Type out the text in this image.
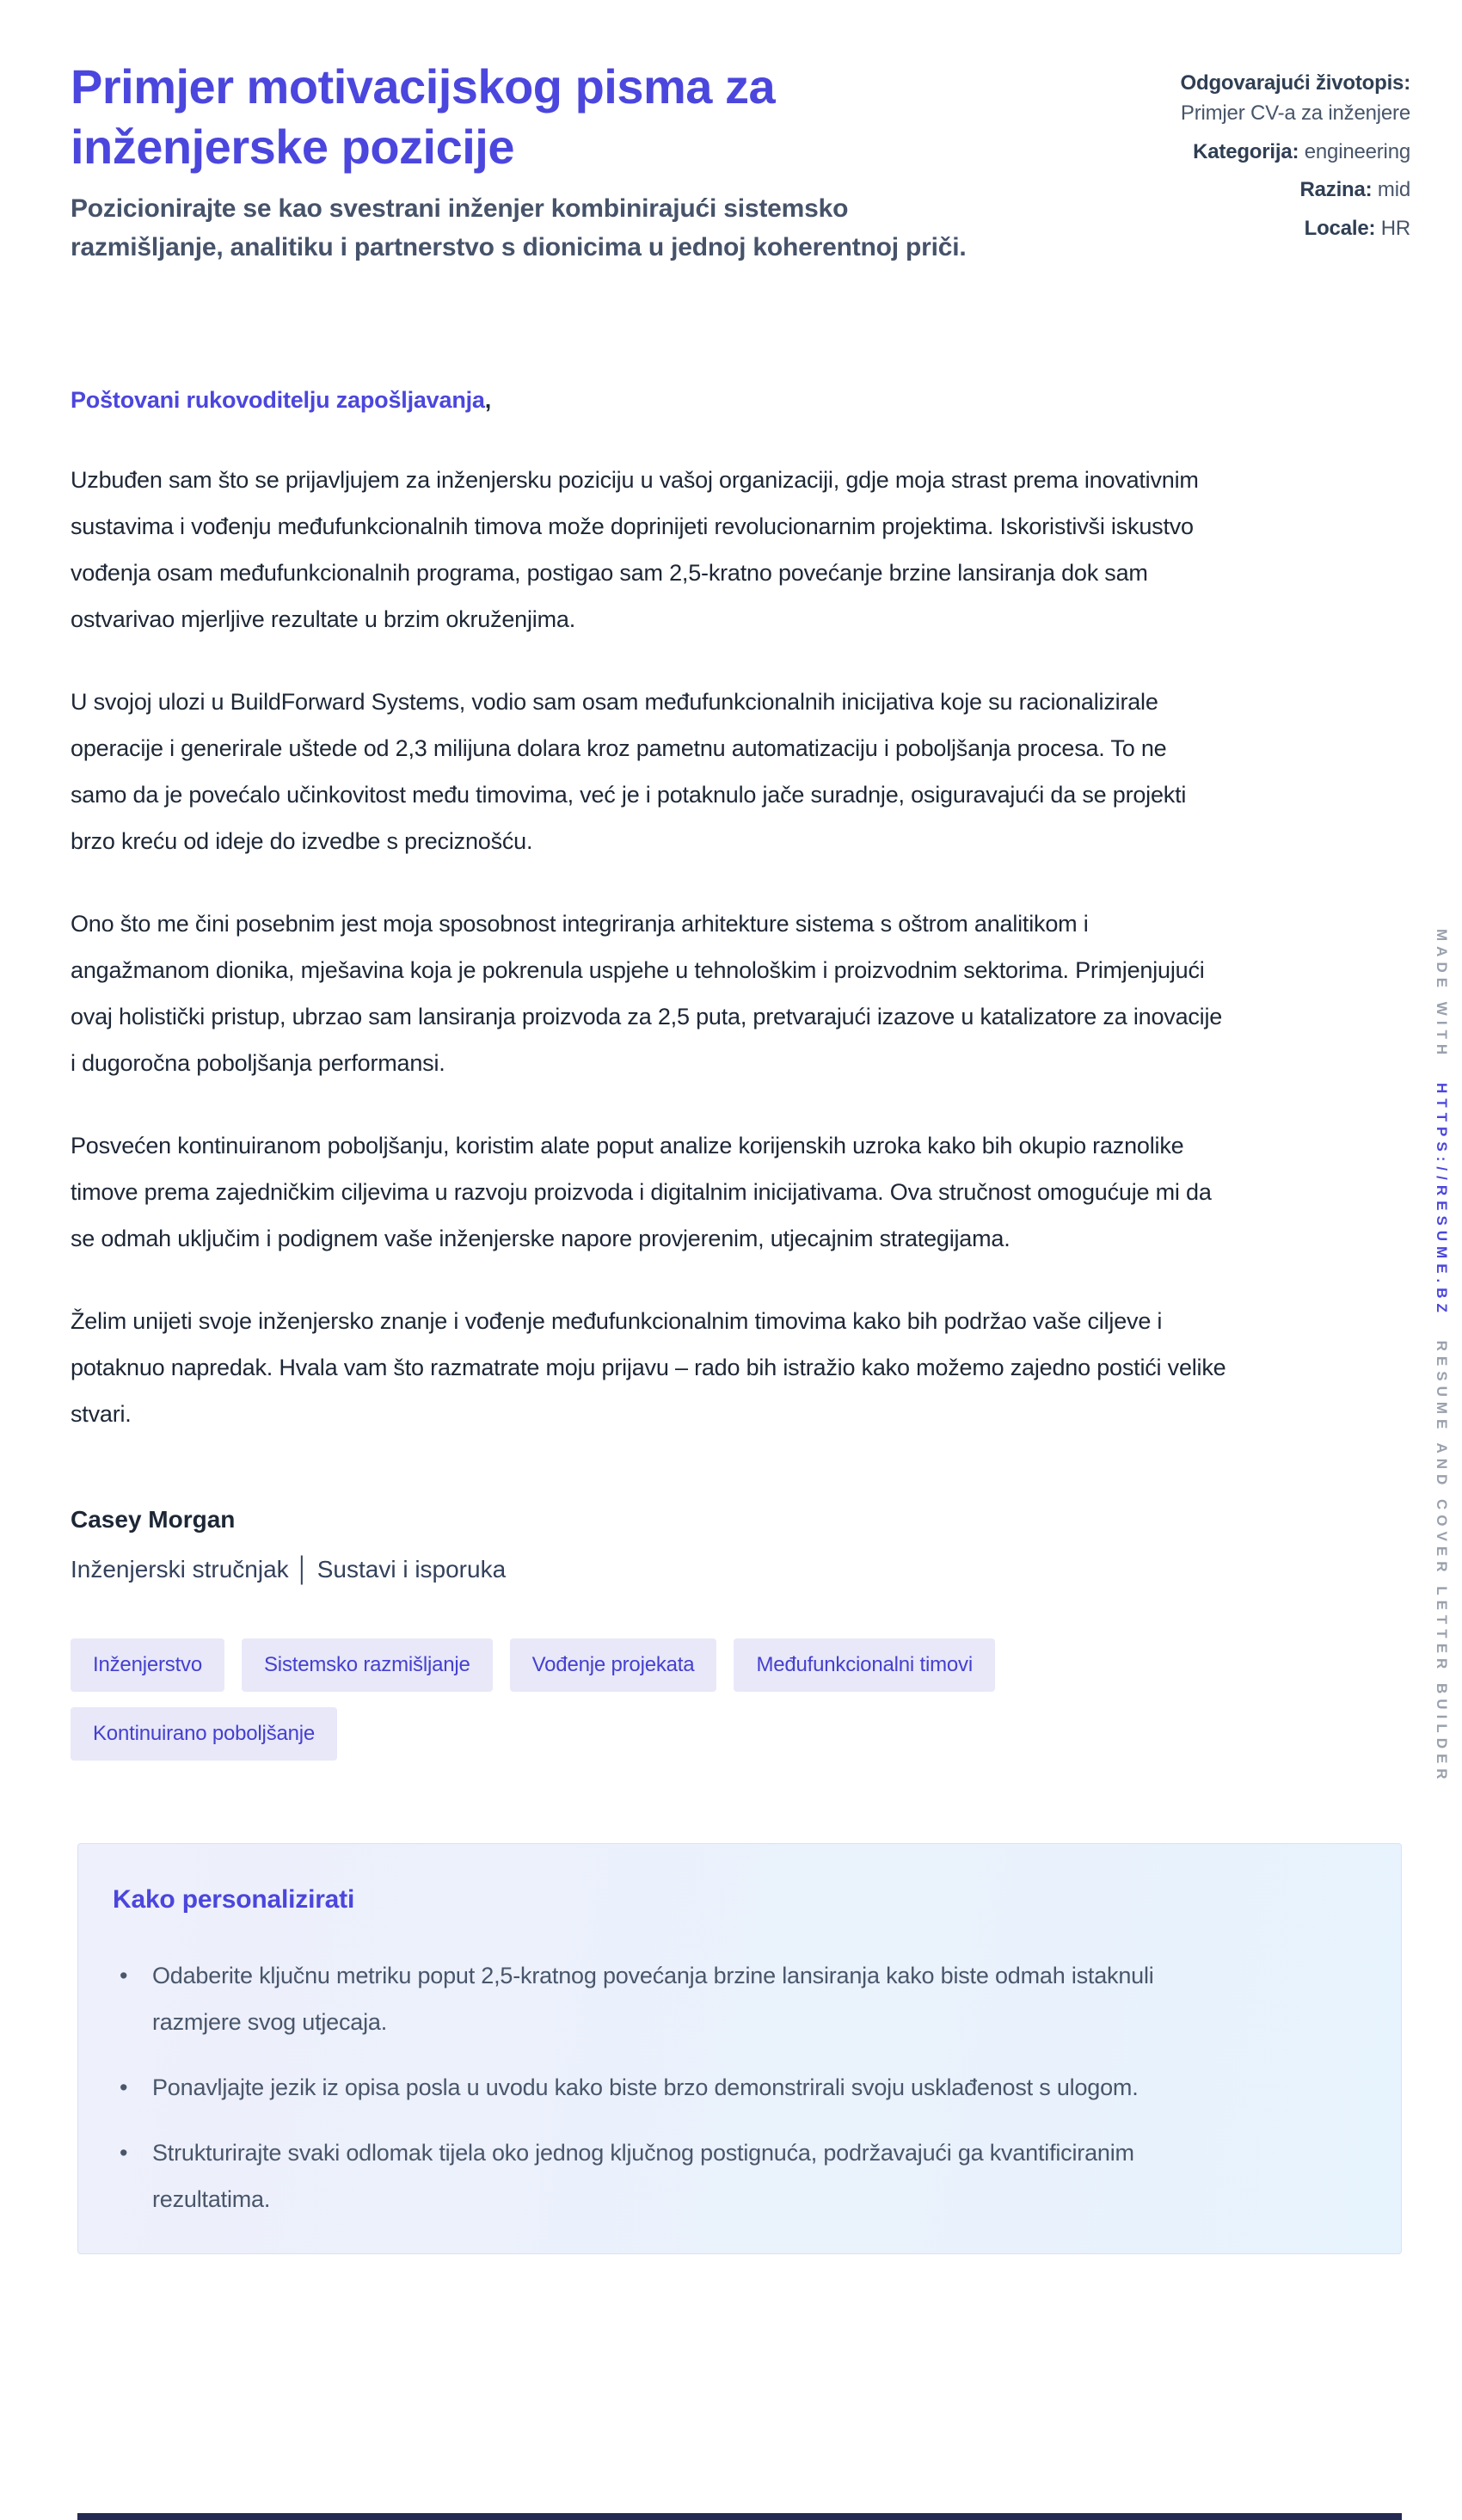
Primjer motivacijskog pisma za inženjerske pozicije

Pozicionirajte se kao svestrani inženjer kombinirajući sistemsko razmišljanje, analitiku i partnerstvo s dionicima u jednoj koherentnoj priči.

Odgovarajući životopis: Primjer CV-a za inženjere
Kategorija: engineering
Razina: mid
Locale: HR

Poštovani rukovoditelju zapošljavanja,

Uzbuđen sam što se prijavljujem za inženjersku poziciju u vašoj organizaciji, gdje moja strast prema inovativnim sustavima i vođenju međufunkcionalnih timova može doprinijeti revolucionarnim projektima. Iskoristivši iskustvo vođenja osam međufunkcionalnih programa, postigao sam 2,5-kratno povećanje brzine lansiranja dok sam ostvarivao mjerljive rezultate u brzim okruženjima.

U svojoj ulozi u BuildForward Systems, vodio sam osam međufunkcionalnih inicijativa koje su racionalizirale operacije i generirale uštede od 2,3 milijuna dolara kroz pametnu automatizaciju i poboljšanja procesa. To ne samo da je povećalo učinkovitost među timovima, već je i potaknulo jače suradnje, osiguravajući da se projekti brzo kreću od ideje do izvedbe s preciznošću.

Ono što me čini posebnim jest moja sposobnost integriranja arhitekture sistema s oštrom analitikom i angažmanom dionika, mješavina koja je pokrenula uspjehe u tehnološkim i proizvodnim sektorima. Primjenjujući ovaj holistički pristup, ubrzao sam lansiranja proizvoda za 2,5 puta, pretvarajući izazove u katalizatore za inovacije i dugoročna poboljšanja performansi.

Posvećen kontinuiranom poboljšanju, koristim alate poput analize korijenskih uzroka kako bih okupio raznolike timove prema zajedničkim ciljevima u razvoju proizvoda i digitalnim inicijativama. Ova stručnost omogućuje mi da se odmah uključim i podignem vaše inženjerske napore provjerenim, utjecajnim strategijama.

Želim unijeti svoje inženjersko znanje i vođenje međufunkcionalnim timovima kako bih podržao vaše ciljeve i potaknuo napredak. Hvala vam što razmatrate moju prijavu – rado bih istražio kako možemo zajedno postići velike stvari.

Casey Morgan

Inženjerski stručnjak │ Sustavi i isporuka

Inženjerstvo	Sistemsko razmišljanje	Vođenje projekata	Međufunkcionalni timovi
Kontinuirano poboljšanje
Kako personalizirati
• Odaberite ključnu metriku poput 2,5-kratnog povećanja brzine lansiranja kako biste odmah istaknuli razmjere svog utjecaja.
• Ponavljajte jezik iz opisa posla u uvodu kako biste brzo demonstrirali svoju usklađenost s ulogom.
• Strukturirajte svaki odlomak tijela oko jednog ključnog postignuća, podržavajući ga kvantificiranim rezultatima.
MADE WITH HTTPS://RESUME.BZ RESUME AND COVER LETTER BUILDER
